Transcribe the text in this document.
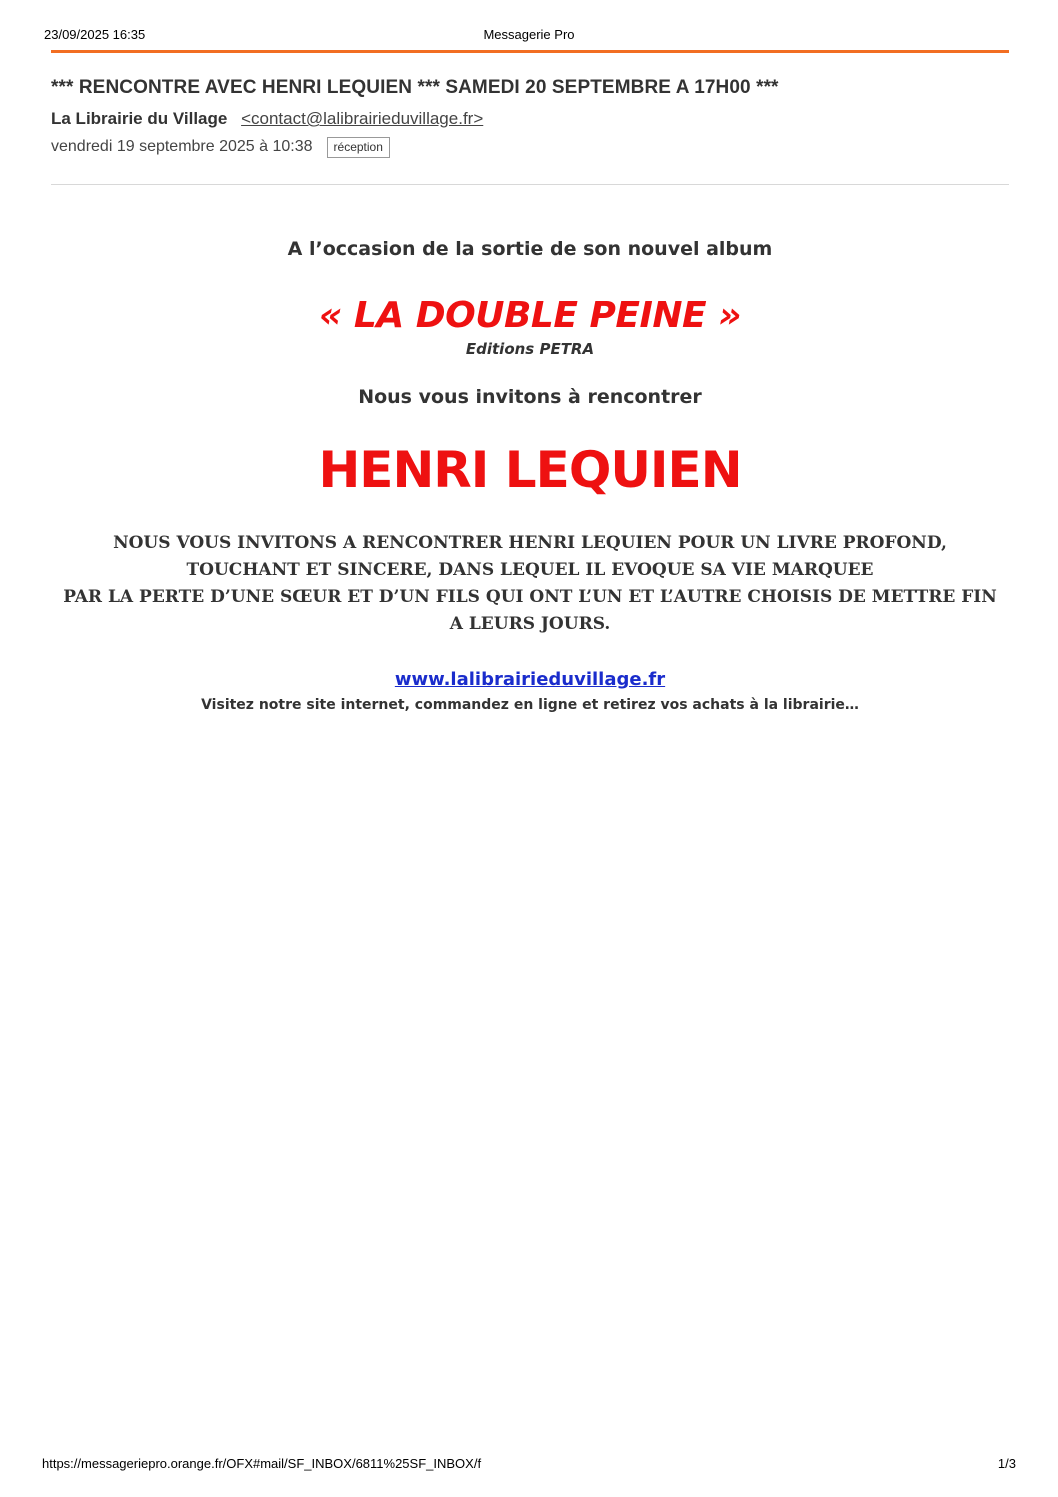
23/09/2025 16:35	Messagerie Pro
*** RENCONTRE AVEC HENRI LEQUIEN *** SAMEDI 20 SEPTEMBRE A 17H00 ***
La Librairie du Village <contact@lalibrairieduvillage.fr>
vendredi 19 septembre 2025 à 10:38	réception

A l’occasion de la sortie de son nouvel album

« LA DOUBLE PEINE »

Editions PETRA

Nous vous invitons à rencontrer

HENRI LEQUIEN

NOUS VOUS INVITONS A RENCONTRER HENRI LEQUIEN POUR UN LIVRE PROFOND,
TOUCHANT ET SINCERE, DANS LEQUEL IL EVOQUE SA VIE MARQUEE
PAR LA PERTE D’UNE SŒUR ET D’UN FILS QUI ONT L’UN ET L’AUTRE CHOISIS DE METTRE FIN
A LEURS JOURS.

www.lalibrairieduvillage.fr

Visitez notre site internet, commandez en ligne et retirez vos achats à la librairie…

https://messageriepro.orange.fr/OFX#mail/SF_INBOX/6811%25SF_INBOX/f	1/3
